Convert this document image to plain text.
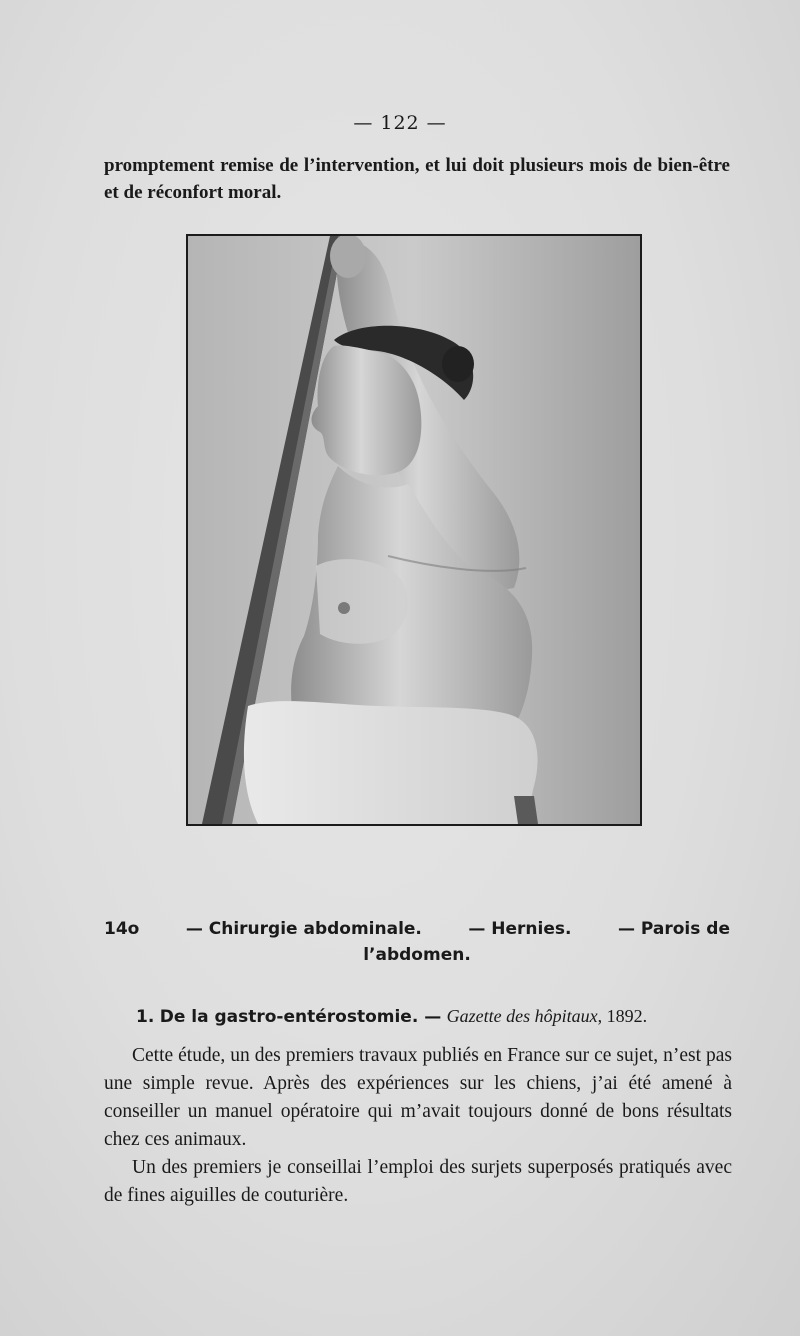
— 122 —
promptement remise de l’intervention, et lui doit plusieurs mois de bien-être et de réconfort moral.
14o	— Chirurgie abdominale.	— Hernies.	— Parois de
l’abdomen.
1. De la gastro-entérostomie. — Gazette des hôpitaux, 1892.

Cette étude, un des premiers travaux publiés en France sur ce sujet, n’est pas une simple revue. Après des expériences sur les chiens, j’ai été amené à conseiller un manuel opératoire qui m’avait toujours donné de bons résultats chez ces animaux.

Un des premiers je conseillai l’emploi des surjets superposés pratiqués avec de fines aiguilles de couturière.
